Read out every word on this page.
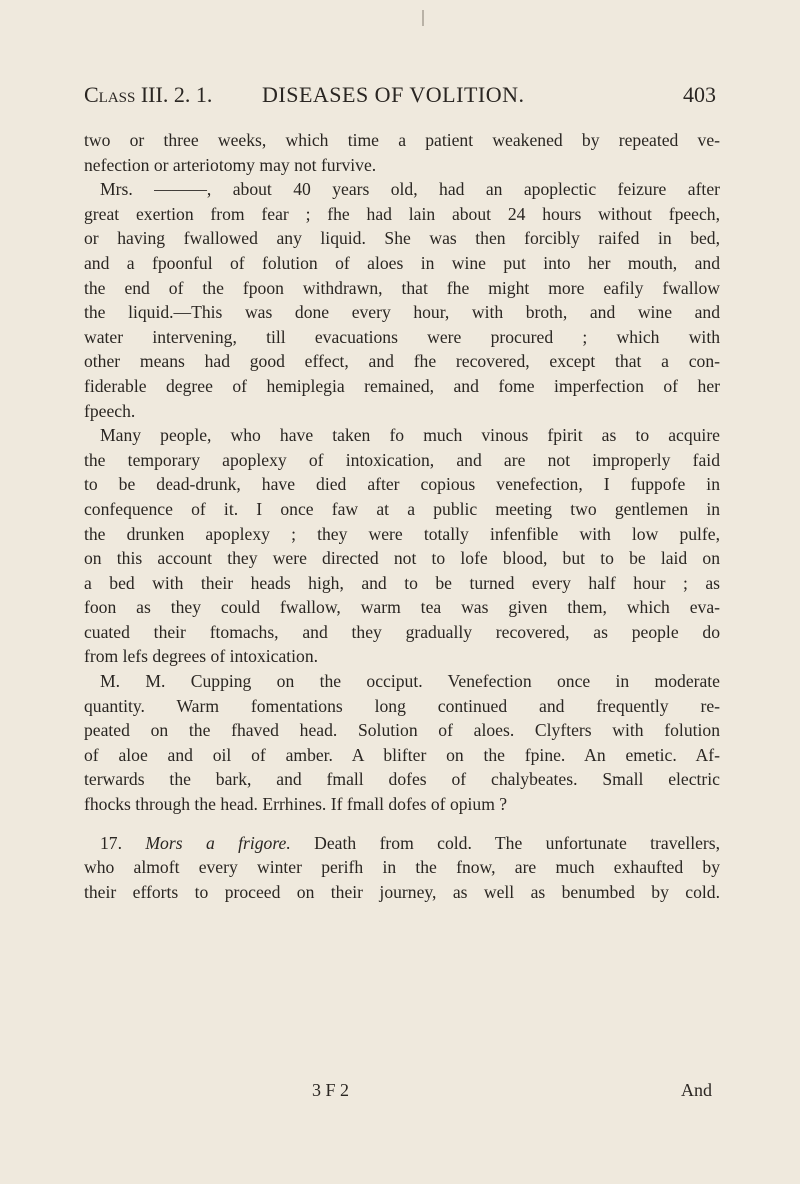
Class III. 2. 1. DISEASES OF VOLITION.	403

two or three weeks, which time a patient weakened by repeated ve-

nefection or arteriotomy may not furvive.

Mrs. ———, about 40 years old, had an apoplectic feizure after

great exertion from fear ; fhe had lain about 24 hours without fpeech,

or having fwallowed any liquid. She was then forcibly raifed in bed,

and a fpoonful of folution of aloes in wine put into her mouth, and

the end of the fpoon withdrawn, that fhe might more eafily fwallow

the liquid.—This was done every hour, with broth, and wine and

water intervening, till evacuations were procured ; which with

other means had good effect, and fhe recovered, except that a con-

fiderable degree of hemiplegia remained, and fome imperfection of her

fpeech.

Many people, who have taken fo much vinous fpirit as to acquire

the temporary apoplexy of intoxication, and are not improperly faid

to be dead-drunk, have died after copious venefection, I fuppofe in

confequence of it. I once faw at a public meeting two gentlemen in

the drunken apoplexy ; they were totally infenfible with low pulfe,

on this account they were directed not to lofe blood, but to be laid on

a bed with their heads high, and to be turned every half hour ; as

foon as they could fwallow, warm tea was given them, which eva-

cuated their ftomachs, and they gradually recovered, as people do

from lefs degrees of intoxication.

M. M. Cupping on the occiput. Venefection once in moderate

quantity. Warm fomentations long continued and frequently re-

peated on the fhaved head. Solution of aloes. Clyfters with folution

of aloe and oil of amber. A blifter on the fpine. An emetic. Af-

terwards the bark, and fmall dofes of chalybeates. Small electric

fhocks through the head. Errhines. If fmall dofes of opium ?

17. Mors a frigore. Death from cold. The unfortunate travellers,

who almoft every winter perifh in the fnow, are much exhaufted by

their efforts to proceed on their journey, as well as benumbed by cold.

3 F 2	And
